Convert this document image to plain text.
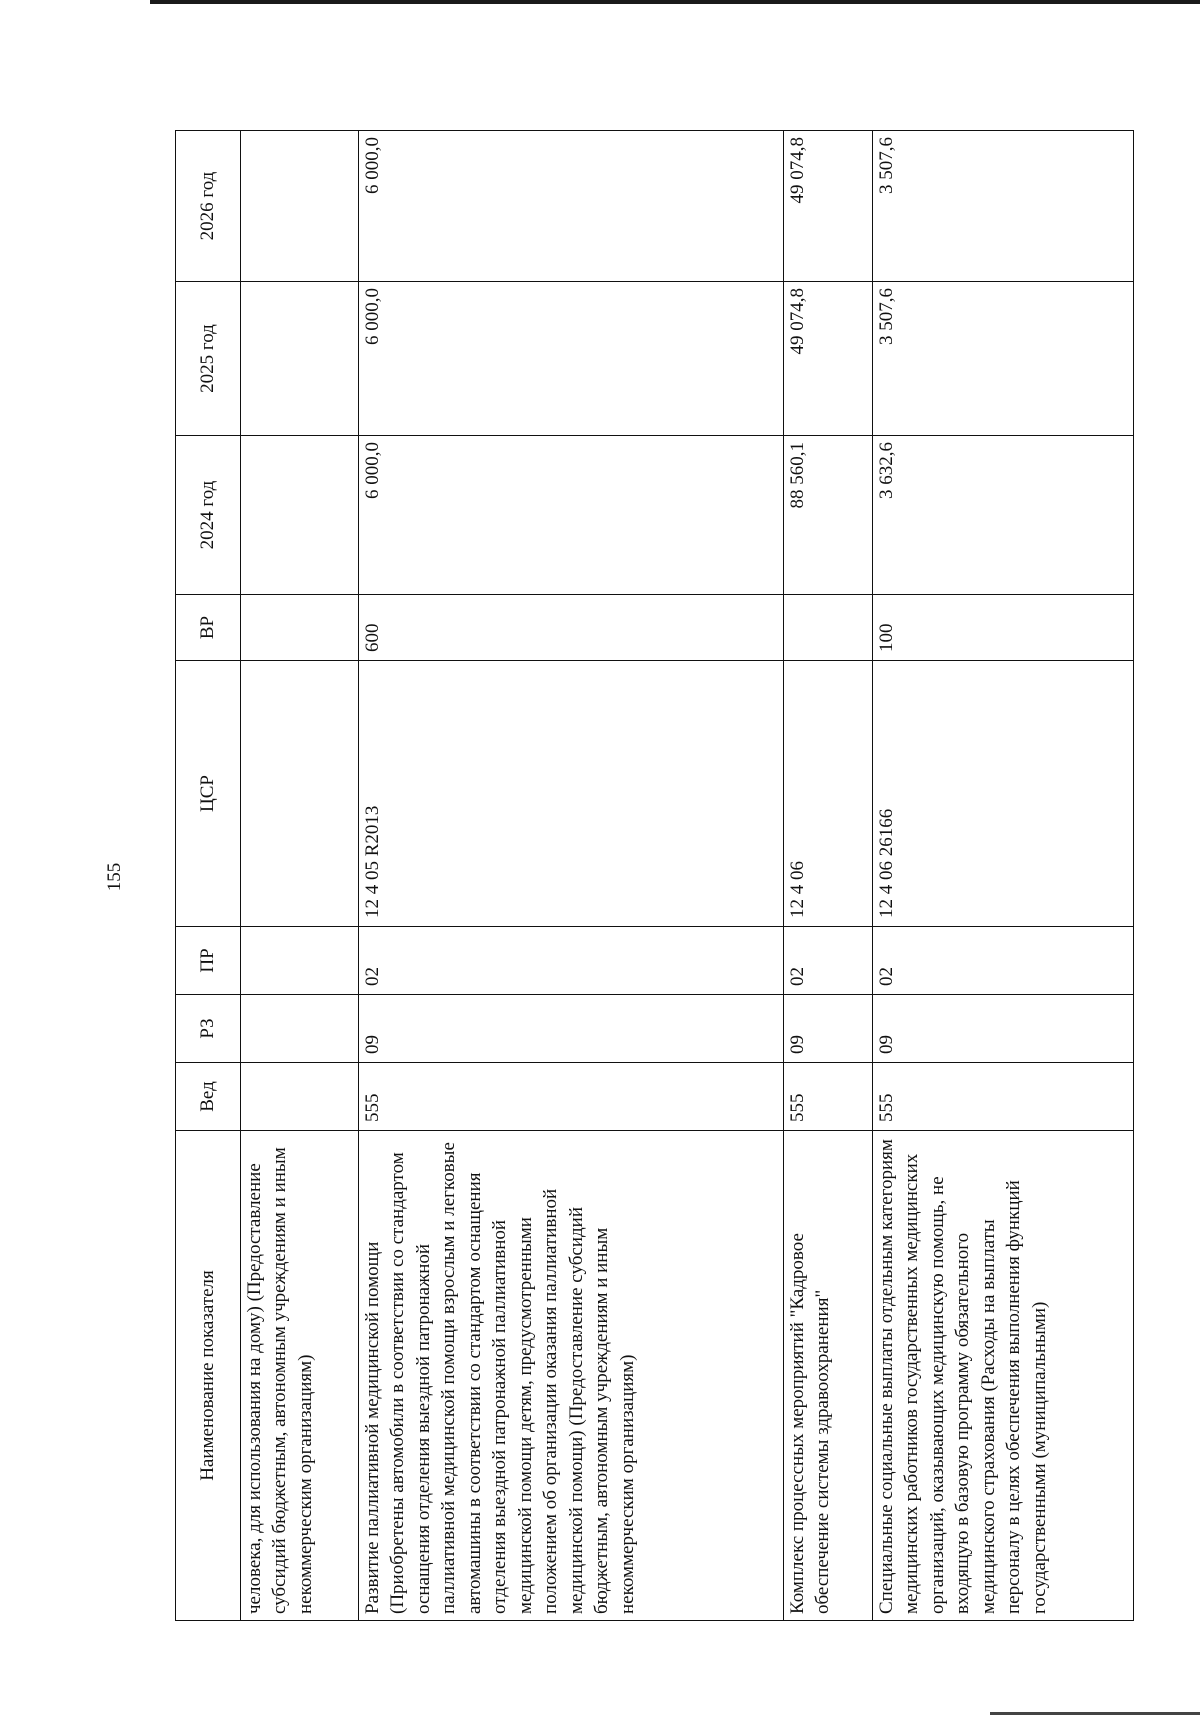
155
Наименование показателя	Вед	РЗ	ПР	ЦСР	ВР	2024 год	2025 год	2026 год
человека, для использования на дому) (Предоставление субсидий бюджетным, автономным учреждениям и иным некоммерческим организациям)								
Развитие паллиативной медицинской помощи (Приобретены автомобили в соответствии со стандартом оснащения отделения выездной патронажной паллиативной медицинской помощи взрослым и легковые автомашины в соответствии со стандартом оснащения отделения выездной патронажной паллиативной медицинской помощи детям, предусмотренными положением об организации оказания паллиативной медицинской помощи) (Предоставление субсидий бюджетным, автономным учреждениям и иным некоммерческим организациям)	555	09	02	12 4 05 R2013	600	6 000,0	6 000,0	6 000,0
Комплекс процессных мероприятий "Кадровое обеспечение системы здравоохранения"	555	09	02	12 4 06		88 560,1	49 074,8	49 074,8
Специальные социальные выплаты отдельным категориям медицинских работников государственных медицинских организаций, оказывающих медицинскую помощь, не входящую в базовую программу обязательного медицинского страхования (Расходы на выплаты персоналу в целях обеспечения выполнения функций государственными (муниципальными)	555	09	02	12 4 06 26166	100	3 632,6	3 507,6	3 507,6
